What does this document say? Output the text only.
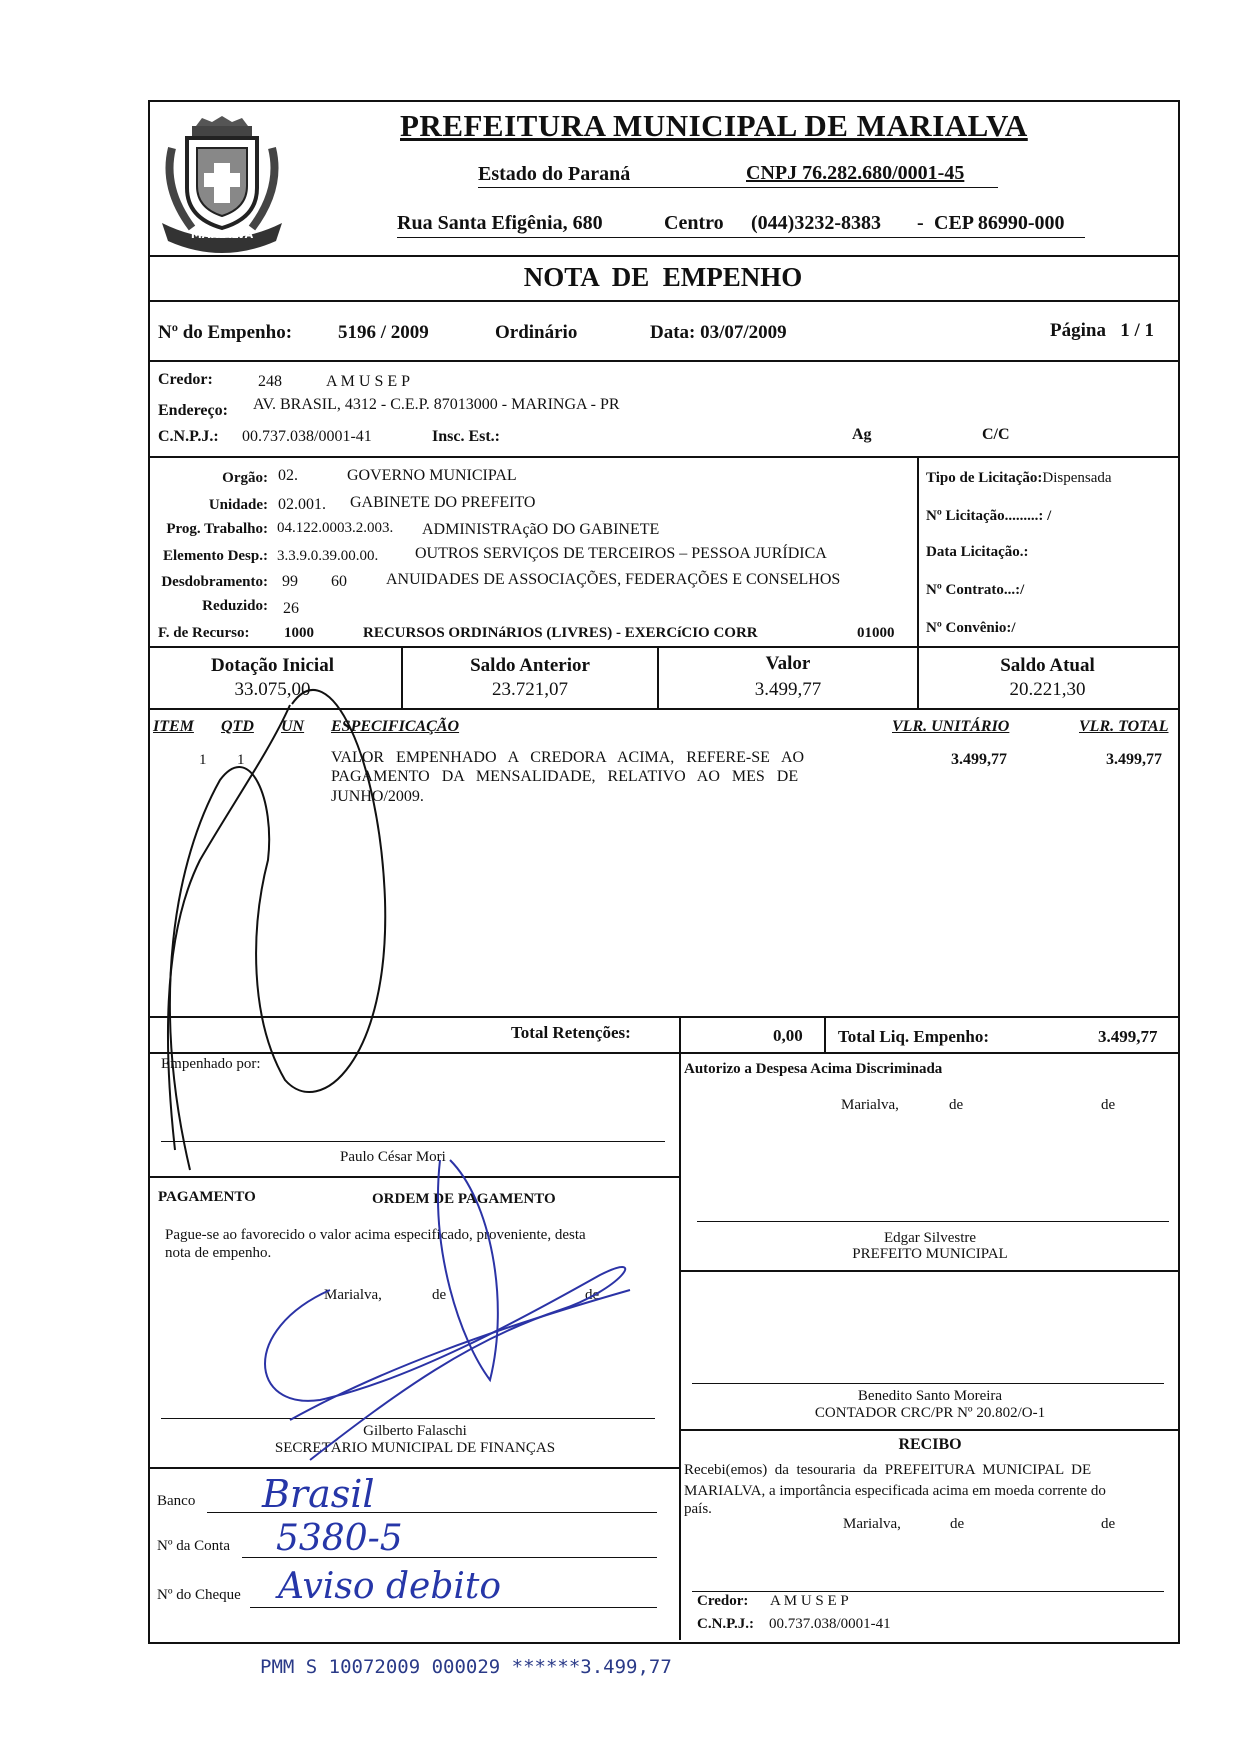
MARIALVA
PREFEITURA MUNICIPAL DE MARIALVA
Estado do Paraná	CNPJ 76.282.680/0001-45
Rua Santa Efigênia, 680	Centro (044)3232-8383 - CEP 86990-000
NOTA  DE  EMPENHO
Nº do Empenho: 5196 / 2009	Ordinário	Data: 03/07/2009	Página   1 / 1
Credor:	248	A M U S E P
Endereço: AV. BRASIL, 4312 - C.E.P. 87013000 - MARINGA - PR
C.N.P.J.: 00.737.038/0001-41	Insc. Est.:	Ag	C/C
Orgão: 02.	GOVERNO MUNICIPAL
Unidade: 02.001. GABINETE DO PREFEITO
Prog. Trabalho: 04.122.0003.2.003. ADMINISTRAçãO DO GABINETE
Elemento Desp.: 3.3.9.0.39.00.00. OUTROS SERVIÇOS DE TERCEIROS – PESSOA JURÍDICA
Desdobramento: 99 60 ANUIDADES DE ASSOCIAÇÕES, FEDERAÇÕES E CONSELHOS
Reduzido: 26
F. de Recurso: 1000	RECURSOS ORDINáRIOS (LIVRES) - EXERCíCIO CORR	01000
Tipo de Licitação:Dispensada
Nº Licitação.........: /
Data Licitação.:
Nº Contrato...:/
Nº Convênio:/
Dotação Inicial
33.075,00
Saldo Anterior
23.721,07
Valor
3.499,77
Saldo Atual
20.221,30
ITEM QTD UN ESPECIFICAÇÃO	VLR. UNITÁRIO	VLR. TOTAL
1 1	VALOR   EMPENHADO   A   CREDORA   ACIMA,   REFERE-SE   AO
PAGAMENTO   DA   MENSALIDADE,   RELATIVO   AO   MES   DE
JUNHO/2009.
3.499,77	3.499,77
Total Retenções:	0,00 Total Liq. Empenho:	3.499,77
Empenhado por:
Paulo César Mori
Autorizo a Despesa Acima Discriminada
Marialva,	de	de
Edgar Silvestre
PREFEITO MUNICIPAL
PAGAMENTO	ORDEM DE PAGAMENTO
Pague-se ao favorecido o valor acima especificado, proveniente, desta
nota de empenho.
Marialva,	de	de
Gilberto Falaschi
SECRETÁRIO MUNICIPAL DE FINANÇAS
Benedito Santo Moreira
CONTADOR CRC/PR Nº 20.802/O-1
Banco Brasil
Nº da Conta 5380-5
Nº do Cheque Aviso debito
RECIBO
Recebi(emos)  da  tesouraria  da  PREFEITURA  MUNICIPAL  DE
MARIALVA, a importância especificada acima em moeda corrente do
país.
Marialva,	de	de
Credor: A M U S E P
C.N.P.J.: 00.737.038/0001-41
PMM S 10072009 000029 ******3.499,77
